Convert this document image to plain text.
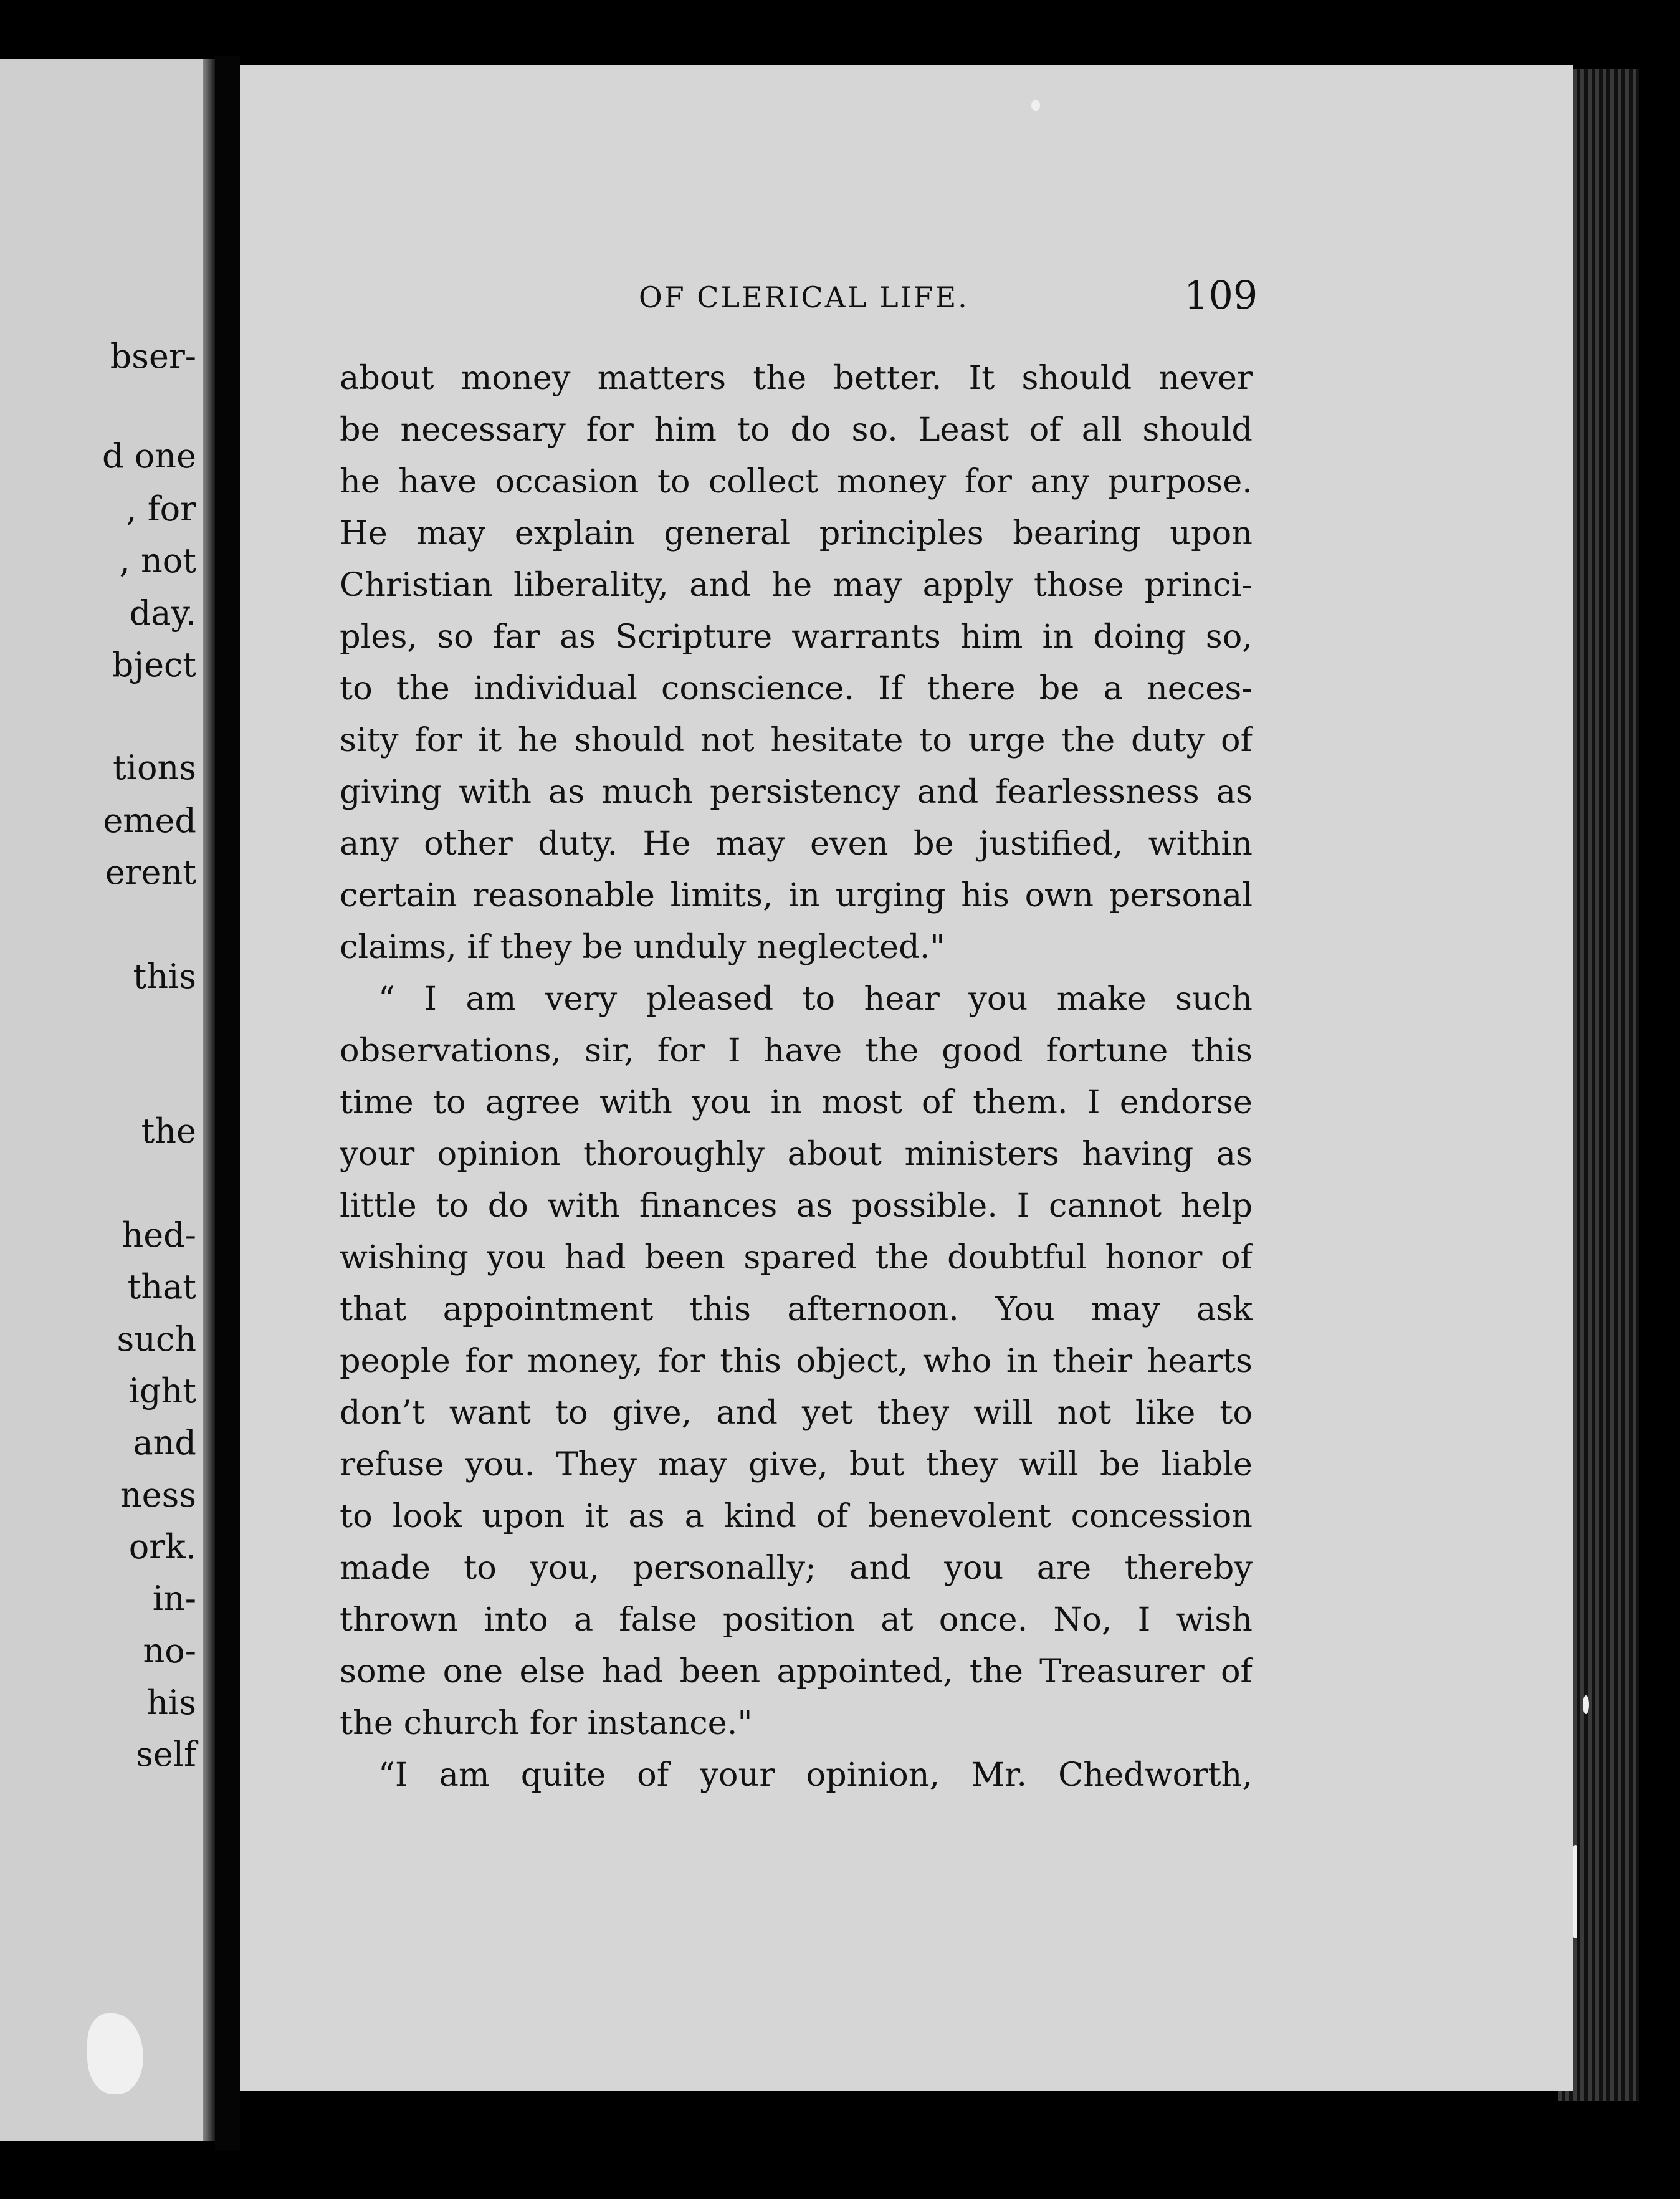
bser-
d one
, for
, not
day.
bject
tions
emed
erent
this
the
hed-
that
such
ight
and
ness
ork.
in-
no-
his
self
OF CLERICAL LIFE.	109
about money matters the better. It should never
be necessary for him to do so. Least of all should
he have occasion to collect money for any purpose.
He may explain general principles bearing upon
Christian liberality, and he may apply those princi-
ples, so far as Scripture warrants him in doing so,
to the individual conscience. If there be a neces-
sity for it he should not hesitate to urge the duty of
giving with as much persistency and fearlessness as
any other duty. He may even be justified, within
certain reasonable limits, in urging his own personal
claims, if they be unduly neglected."
“ I am very pleased to hear you make such
observations, sir, for I have the good fortune this
time to agree with you in most of them. I endorse
your opinion thoroughly about ministers having as
little to do with finances as possible. I cannot help
wishing you had been spared the doubtful honor of
that appointment this afternoon. You may ask
people for money, for this object, who in their hearts
don’t want to give, and yet they will not like to
refuse you. They may give, but they will be liable
to look upon it as a kind of benevolent concession
made to you, personally; and you are thereby
thrown into a false position at once. No, I wish
some one else had been appointed, the Treasurer of
the church for instance."
“I am quite of your opinion, Mr. Chedworth,
